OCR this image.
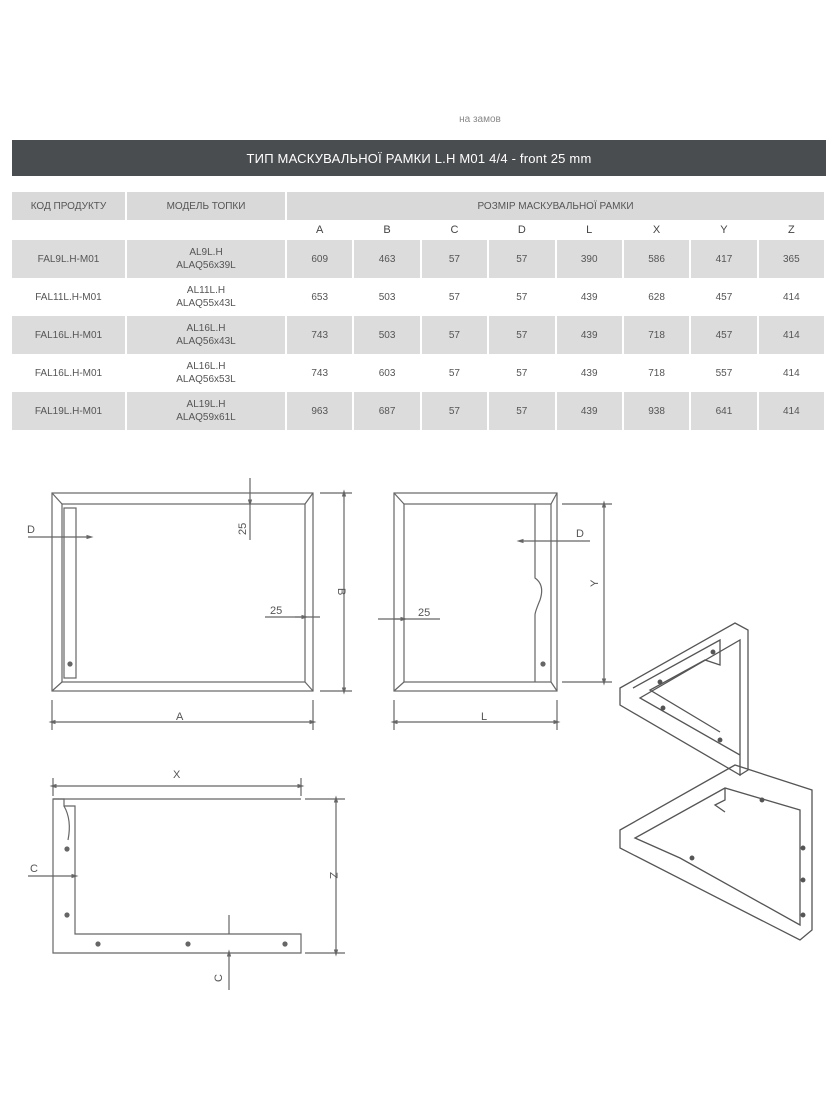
на замов
ТИП МАСКУВАЛЬНОЇ РАМКИ L.H M01 4/4 - front 25 mm
КОД ПРОДУКТУ	МОДЕЛЬ ТОПКИ	РОЗМІР МАСКУВАЛЬНОЇ РАМКИ							
		A	B	C	D	L	X	Y	Z
FAL9L.H-M01	AL9L.H
ALAQ56x39L	609	463	57	57	390	586	417	365
FAL11L.H-M01	AL11L.H
ALAQ55x43L	653	503	57	57	439	628	457	414
FAL16L.H-M01	AL16L.H
ALAQ56x43L	743	503	57	57	439	718	457	414
FAL16L.H-M01	AL16L.H
ALAQ56x53L	743	603	57	57	439	718	557	414
FAL19L.H-M01	AL19L.H
ALAQ59x61L	963	687	57	57	439	938	641	414
A
B
D	25
25
L
Y
D
25
X
Z
C
C
